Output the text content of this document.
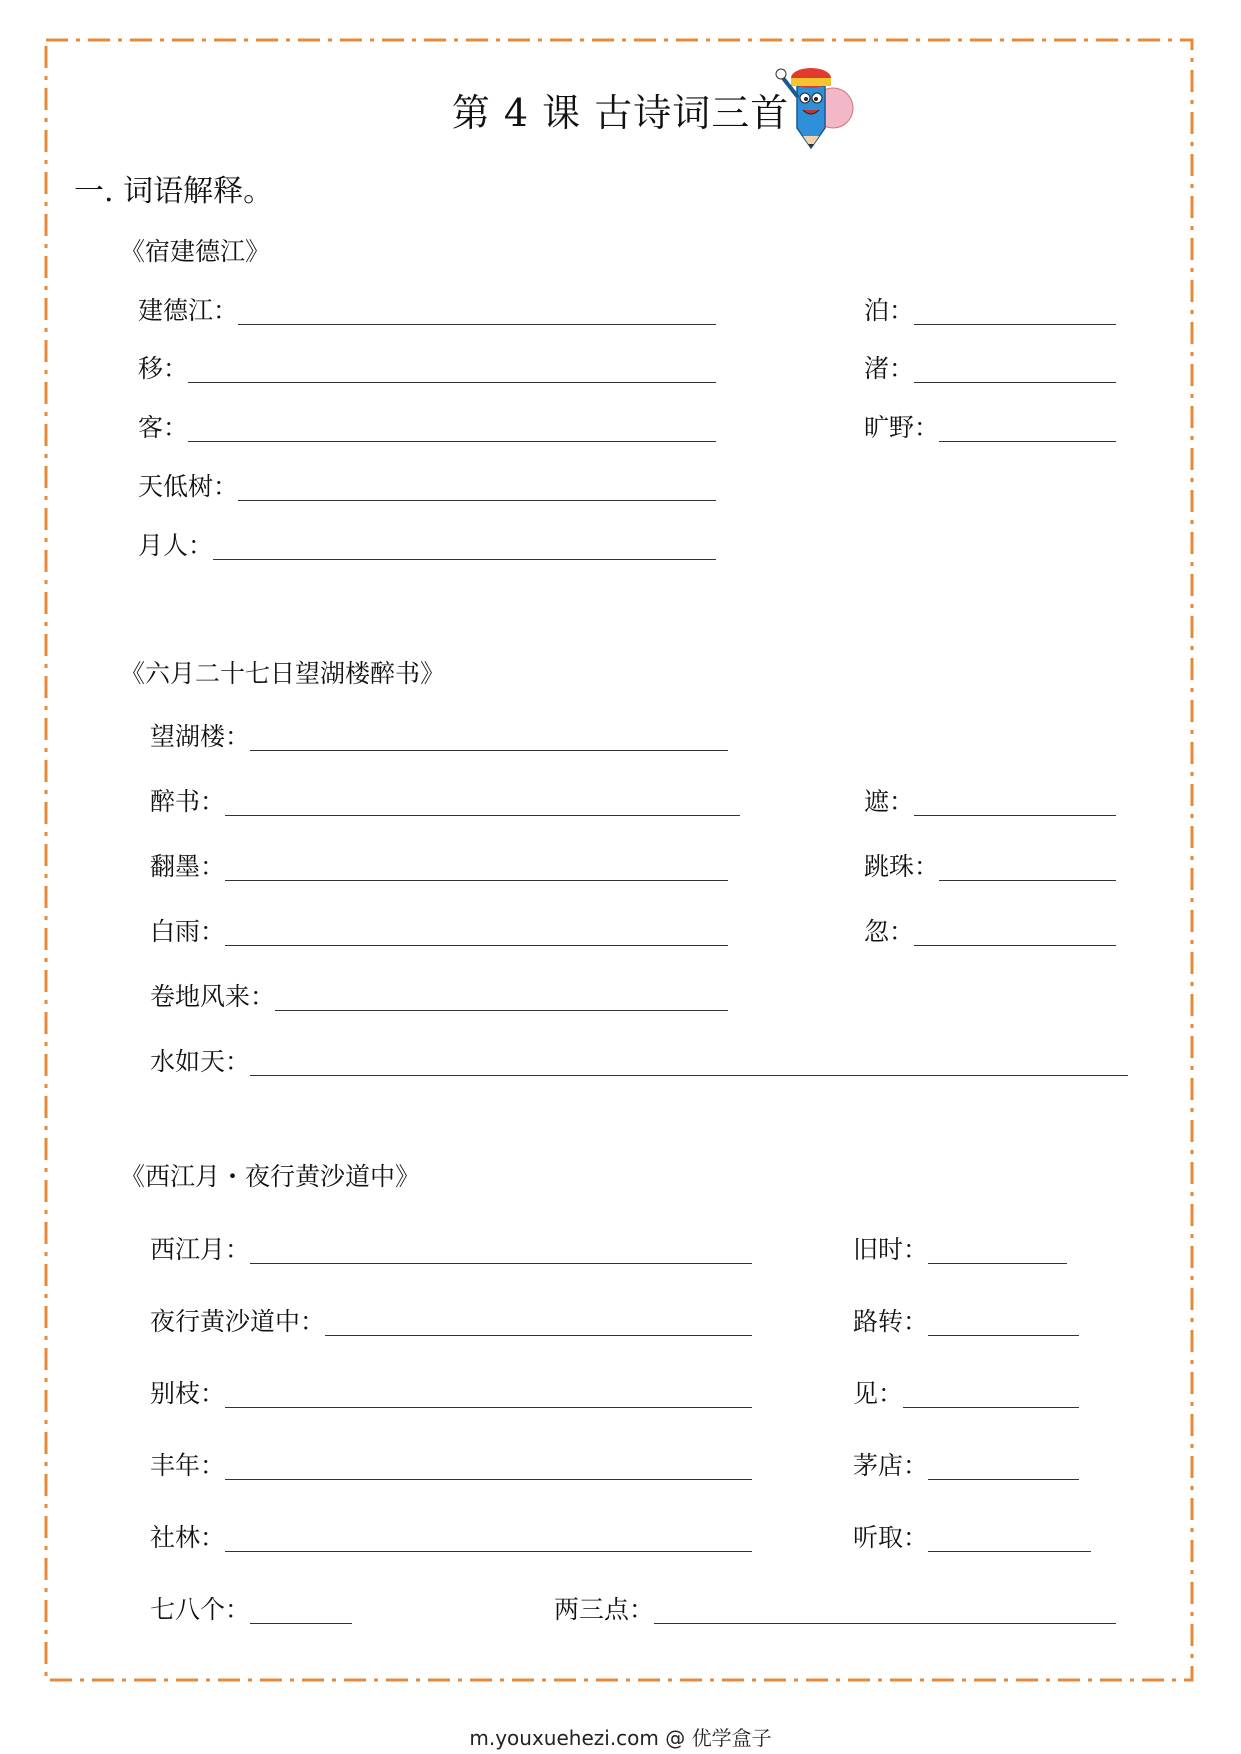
第 4 课 古诗词三首
一. 词语解释。
《宿建德江》
建德江：	泊：
移：	渚：
客：	旷野：
天低树：
月人：
《六月二十七日望湖楼醉书》
望湖楼：
醉书：	遮：
翻墨：	跳珠：
白雨：	忽：
卷地风来：
水如天：
《西江月・夜行黄沙道中》
西江月：	旧时：
夜行黄沙道中：	路转：
别枝：	见：
丰年：	茅店：
社林：	听取：
七八个：	两三点：
m.youxuehezi.com @ 优学盒子
